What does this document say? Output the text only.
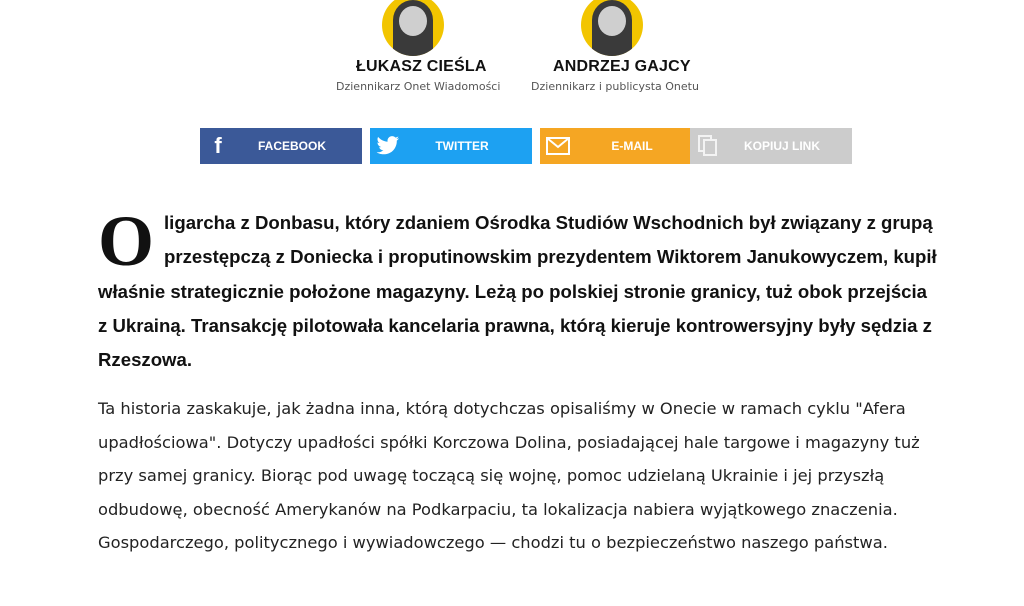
ŁUKASZ CIEŚLA
Dziennikarz Onet Wiadomości
ANDRZEJ GAJCY
Dziennikarz i publicysta Onetu
f	FACEBOOK	TWITTER	E-MAIL	KOPIUJ LINK
O ligarcha z Donbasu, który zdaniem Ośrodka Studiów Wschodnich był związany z grupą przestępczą z Doniecka i proputinowskim prezydentem Wiktorem Janukowyczem, kupił właśnie strategicznie położone magazyny. Leżą po polskiej stronie granicy, tuż obok przejścia z Ukrainą. Transakcję pilotowała kancelaria prawna, którą kieruje kontrowersyjny były sędzia z Rzeszowa.

Ta historia zaskakuje, jak żadna inna, którą dotychczas opisaliśmy w Onecie w ramach cyklu "Afera upadłościowa". Dotyczy upadłości spółki Korczowa Dolina, posiadającej hale targowe i magazyny tuż przy samej granicy. Biorąc pod uwagę toczącą się wojnę, pomoc udzielaną Ukrainie i jej przyszłą odbudowę, obecność Amerykanów na Podkarpaciu, ta lokalizacja nabiera wyjątkowego znaczenia. Gospodarczego, politycznego i wywiadowczego — chodzi tu o bezpieczeństwo naszego państwa.
